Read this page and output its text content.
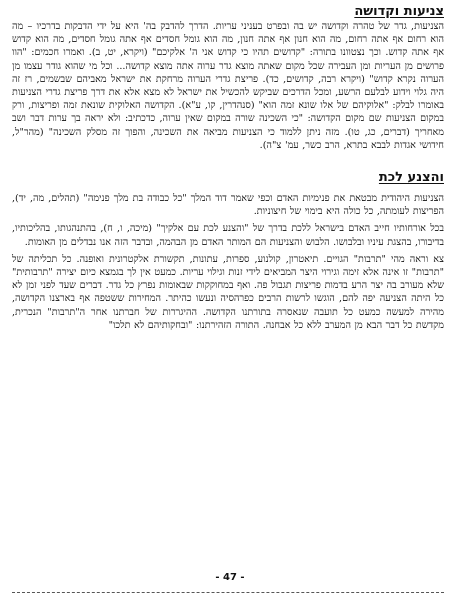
צניעות וקדושה

הצניעות, גדר של טהרה וקדושה יש בה ובפרט בעניני עריות. הדרך להדבק בה' היא על ידי הדבקות בדרכיו – מה הוא רחום אף אתה רחום, מה הוא חנון אף אתה חנון, מה הוא גומל חסדים אף אתה גומל חסדים, מה הוא קדוש אף אתה קדוש. וכך נצטוונו בתורה: "קדושים תהיו כי קדוש אני ה' אלקיכם" (ויקרא, יט, ב). ואמרו חכמים: "הוו פרושים מן העריות ומן העבירה שכל מקום שאתה מוצא גדר ערוה אתה מוצא קדושה... וכל מי שהוא גודר עצמו מן הערוה נקרא קדוש" (ויקרא רבה, קדושים, כד). פריצת גדרי הערוה מרחקת את ישראל מאביהם שבשמים, רז זה היה גלוי וידוע לבלעם הרשע, ומכל הדרכים שביקש להכשיל את ישראל לא מצא אלא את דרך פריצת גדרי הצניעות באומרו לבלק: "אלוקיהם של אלו שונא זמה הוא" (סנהדרין, קו, ע"א). הקדושה האלוקית שונאת זמה ופריצות, ורק במקום הצניעות שם מקום הקדושה: "כי השכינה שורה במקום שאין ערוה, כדכתיב: ולא יראה בך ערות דבר ושב מאחריך (דברים, כג, טו). מזה ניתן ללמוד כי הצניעות מביאה את השכינה, והפוך זה מסלק השכינה" (מהר"ל, חידושי אגדות לבבא בתרא, הרב כשר, עמ' צ"ה).

והצנע לכת

הצניעות היהודית מבטאת את פנימיות האדם וכפי שאמר דוד המלך "כל כבודה בת מלך פנימה" (תהלים, מה, יד), הפריצות לעומתה, כל כולה היא בימוי של חיצוניות.

בכל אורחותיו חייב האדם בישראל ללכת בדרך של "והצנע לכת עם אלקיך" (מיכה, ו, ח), בהתנהגותו, בהליכותיו, בדיבורו, בהצגת עיניו ובלבושו. הלבוש והצניעות הם המותר האדם מן הבהמה, ובדבר הזה אנו נבדלים מן האומות.

צא וראה מהי "תרבות" הגויים. תיאטרון, קולנוע, ספרות, עתונות, תקשורת אלקטרונית ואופנה. כל תכליתה של "תרבות" זו אינה אלא זימה וגירוי היצר המביאים לידי זנות וגילוי עריות. כמעט אין לך בגמצא כיום יצירה "תרבותית" שלא מעורב בה יצר הרע בדמות פריצות תגבול פה. ואף במחוקקות שבאומות נפרץ כל גדר. דברים שעד לפני זמן לא כל היתה הצניעה יפה להם, הוגשו לרשות הרבים כפרהסיה ונעשו כהיתר. המחירות ששטפה אף בארצנו הקדושה, מהירה למעשה כמעט כל תועבה שנאסרה בתורתנו הקדושה. ההיגררות של חברתנו אחר ה"תרבות" הנכרית, מקדשת כל דבר הבא מן המערב ללא כל אבחנה. התורה הזהירתנו: "ובחקותיהם לא תלכו"

- 47 -
